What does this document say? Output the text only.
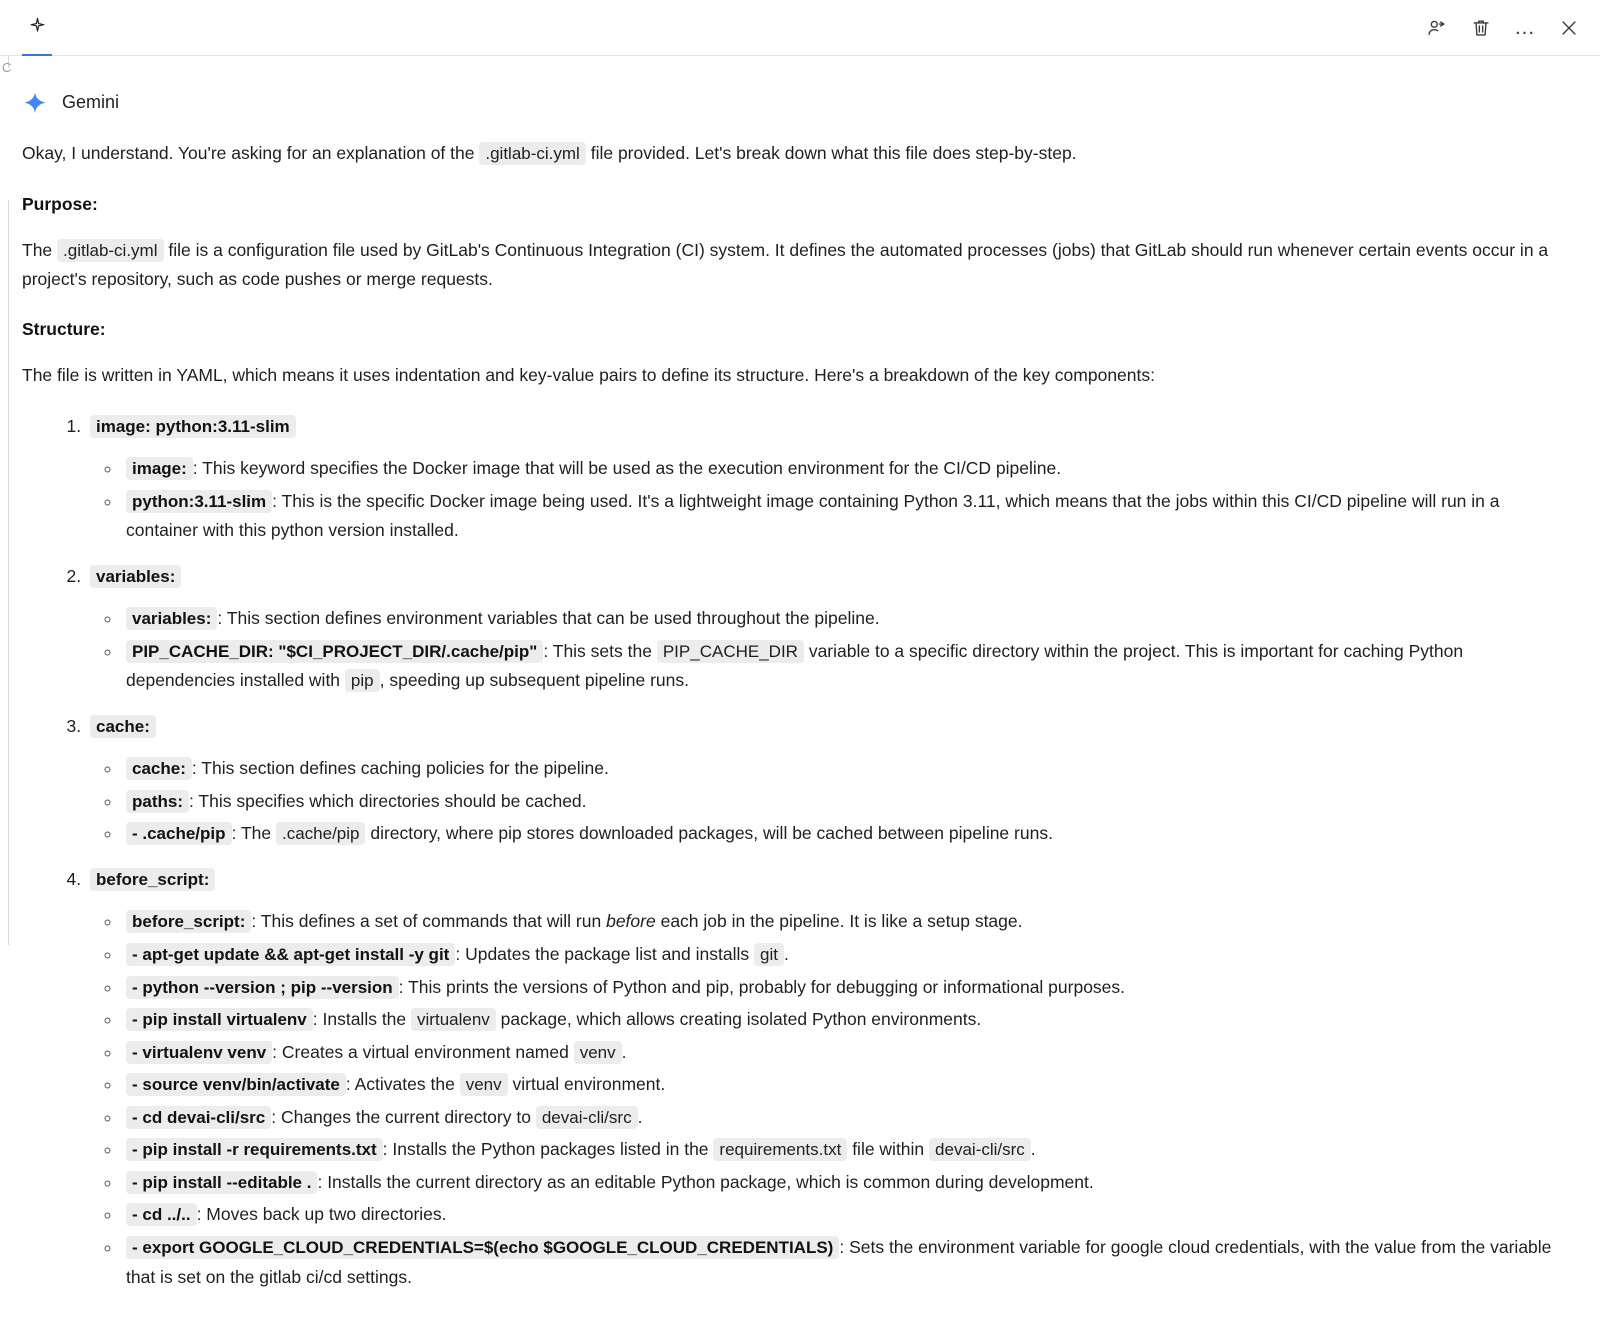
C
…
Gemini

Okay, I understand. You're asking for an explanation of the .gitlab-ci.yml file provided. Let's break down what this file does step-by-step.

Purpose:

The .gitlab-ci.yml file is a configuration file used by GitLab's Continuous Integration (CI) system. It defines the automated processes (jobs) that GitLab should run whenever certain events occur in a project's repository, such as code pushes or merge requests.

Structure:

The file is written in YAML, which means it uses indentation and key-value pairs to define its structure. Here's a breakdown of the key components:

1. image: python:3.11-slim
◦ image: : This keyword specifies the Docker image that will be used as the execution environment for the CI/CD pipeline.
◦ python:3.11-slim : This is the specific Docker image being used. It's a lightweight image containing Python 3.11, which means that the jobs within this CI/CD pipeline will run in a container with this python version installed.
2. variables:
◦ variables: : This section defines environment variables that can be used throughout the pipeline.
◦ PIP_CACHE_DIR: "$CI_PROJECT_DIR/.cache/pip" : This sets the PIP_CACHE_DIR variable to a specific directory within the project. This is important for caching Python dependencies installed with pip , speeding up subsequent pipeline runs.
3. cache:
◦ cache: : This section defines caching policies for the pipeline.
◦ paths: : This specifies which directories should be cached.
◦ - .cache/pip : The .cache/pip directory, where pip stores downloaded packages, will be cached between pipeline runs.
4. before_script:
◦ before_script: : This defines a set of commands that will run before each job in the pipeline. It is like a setup stage.
◦ - apt-get update && apt-get install -y git : Updates the package list and installs git .
◦ - python --version ; pip --version : This prints the versions of Python and pip, probably for debugging or informational purposes.
◦ - pip install virtualenv : Installs the virtualenv package, which allows creating isolated Python environments.
◦ - virtualenv venv : Creates a virtual environment named venv .
◦ - source venv/bin/activate : Activates the venv virtual environment.
◦ - cd devai-cli/src : Changes the current directory to devai-cli/src .
◦ - pip install -r requirements.txt : Installs the Python packages listed in the requirements.txt file within devai-cli/src .
◦ - pip install --editable . : Installs the current directory as an editable Python package, which is common during development.
◦ - cd ../.. : Moves back up two directories.
◦ - export GOOGLE_CLOUD_CREDENTIALS=$(echo $GOOGLE_CLOUD_CREDENTIALS) : Sets the environment variable for google cloud credentials, with the value from the variable that is set on the gitlab ci/cd settings.
